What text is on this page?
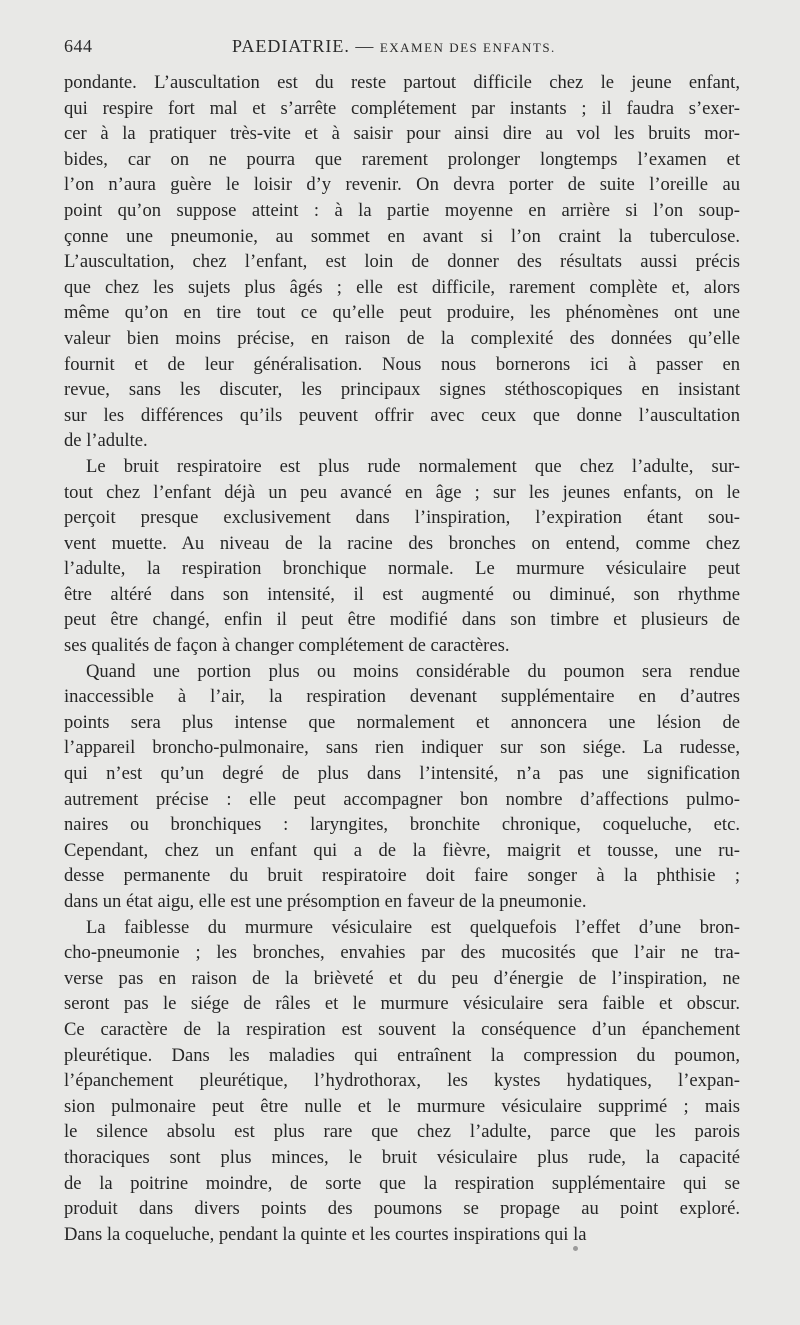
644	PAEDIATRIE. — EXAMEN DES ENFANTS.
pondante. L’auscultation est du reste partout difficile chez le jeune enfant,
qui respire fort mal et s’arrête complétement par instants ; il faudra s’exer-
cer à la pratiquer très-vite et à saisir pour ainsi dire au vol les bruits mor-
bides, car on ne pourra que rarement prolonger longtemps l’examen et
l’on n’aura guère le loisir d’y revenir. On devra porter de suite l’oreille au
point qu’on suppose atteint : à la partie moyenne en arrière si l’on soup-
çonne une pneumonie, au sommet en avant si l’on craint la tuberculose.
L’auscultation, chez l’enfant, est loin de donner des résultats aussi précis
que chez les sujets plus âgés ; elle est difficile, rarement complète et, alors
même qu’on en tire tout ce qu’elle peut produire, les phénomènes ont une
valeur bien moins précise, en raison de la complexité des données qu’elle
fournit et de leur généralisation. Nous nous bornerons ici à passer en
revue, sans les discuter, les principaux signes stéthoscopiques en insistant
sur les différences qu’ils peuvent offrir avec ceux que donne l’auscultation
de l’adulte.
Le bruit respiratoire est plus rude normalement que chez l’adulte, sur-
tout chez l’enfant déjà un peu avancé en âge ; sur les jeunes enfants, on le
perçoit presque exclusivement dans l’inspiration, l’expiration étant sou-
vent muette. Au niveau de la racine des bronches on entend, comme chez
l’adulte, la respiration bronchique normale. Le murmure vésiculaire peut
être altéré dans son intensité, il est augmenté ou diminué, son rhythme
peut être changé, enfin il peut être modifié dans son timbre et plusieurs de
ses qualités de façon à changer complétement de caractères.
Quand une portion plus ou moins considérable du poumon sera rendue
inaccessible à l’air, la respiration devenant supplémentaire en d’autres
points sera plus intense que normalement et annoncera une lésion de
l’appareil broncho-pulmonaire, sans rien indiquer sur son siége. La rudesse,
qui n’est qu’un degré de plus dans l’intensité, n’a pas une signification
autrement précise : elle peut accompagner bon nombre d’affections pulmo-
naires ou bronchiques : laryngites, bronchite chronique, coqueluche, etc.
Cependant, chez un enfant qui a de la fièvre, maigrit et tousse, une ru-
desse permanente du bruit respiratoire doit faire songer à la phthisie ;
dans un état aigu, elle est une présomption en faveur de la pneumonie.
La faiblesse du murmure vésiculaire est quelquefois l’effet d’une bron-
cho-pneumonie ; les bronches, envahies par des mucosités que l’air ne tra-
verse pas en raison de la brièveté et du peu d’énergie de l’inspiration, ne
seront pas le siége de râles et le murmure vésiculaire sera faible et obscur.
Ce caractère de la respiration est souvent la conséquence d’un épanchement
pleurétique. Dans les maladies qui entraînent la compression du poumon,
l’épanchement pleurétique, l’hydrothorax, les kystes hydatiques, l’expan-
sion pulmonaire peut être nulle et le murmure vésiculaire supprimé ; mais
le silence absolu est plus rare que chez l’adulte, parce que les parois
thoraciques sont plus minces, le bruit vésiculaire plus rude, la capacité
de la poitrine moindre, de sorte que la respiration supplémentaire qui se
produit dans divers points des poumons se propage au point exploré.
Dans la coqueluche, pendant la quinte et les courtes inspirations qui la
